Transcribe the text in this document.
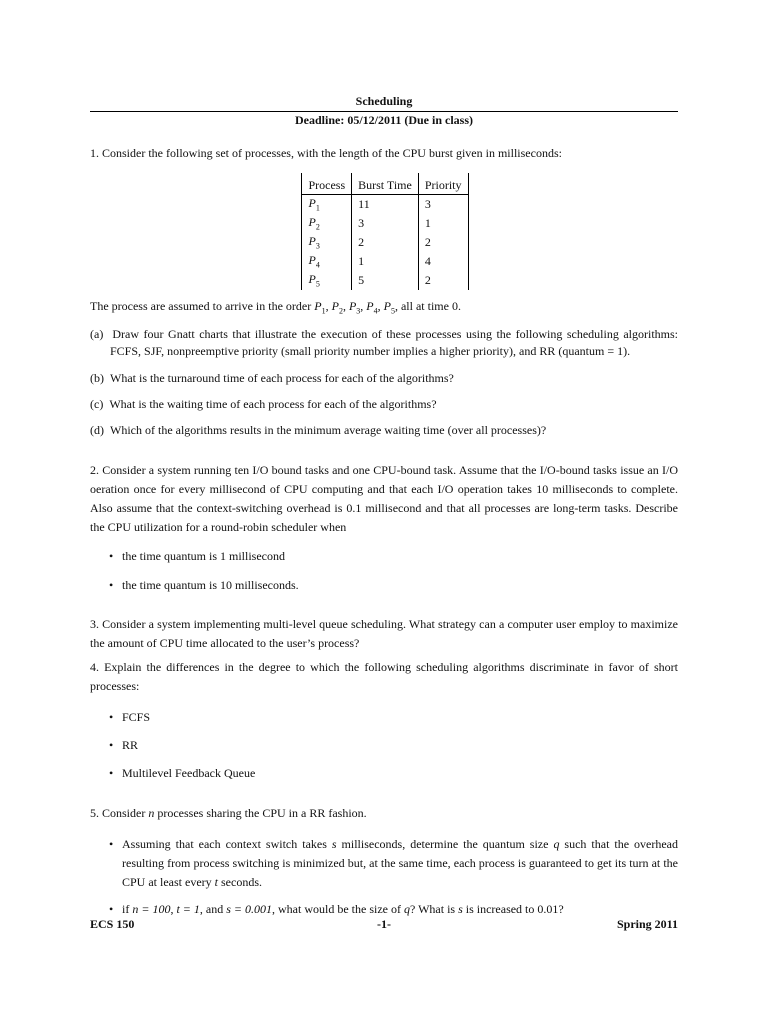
Scheduling
Deadline: 05/12/2011 (Due in class)

1. Consider the following set of processes, with the length of the CPU burst given in milliseconds:

Process	Burst Time	Priority
$P_1$	11	3
$P_2$	3	1
$P_3$	2	2
$P_4$	1	4
$P_5$	5	2

The process are assumed to arrive in the order $P_1$, $P_2$, $P_3$, $P_4$, $P_5$, all at time 0.

(a) Draw four Gnatt charts that illustrate the execution of these processes using the following scheduling algorithms: FCFS, SJF, nonpreemptive priority (small priority number implies a higher priority), and RR (quantum = 1).

(b) What is the turnaround time of each process for each of the algorithms?

(c) What is the waiting time of each process for each of the algorithms?

(d) Which of the algorithms results in the minimum average waiting time (over all processes)?

2. Consider a system running ten I/O bound tasks and one CPU-bound task. Assume that the I/O-bound tasks issue an I/O oeration once for every millisecond of CPU computing and that each I/O operation takes 10 milliseconds to complete. Also assume that the context-switching overhead is 0.1 millisecond and that all processes are long-term tasks. Describe the CPU utilization for a round-robin scheduler when

• the time quantum is 1 millisecond
• the time quantum is 10 milliseconds.

3. Consider a system implementing multi-level queue scheduling. What strategy can a computer user employ to maximize the amount of CPU time allocated to the user’s process?

4. Explain the differences in the degree to which the following scheduling algorithms discriminate in favor of short processes:

• FCFS
• RR
• Multilevel Feedback Queue

5. Consider n processes sharing the CPU in a RR fashion.

• Assuming that each context switch takes s milliseconds, determine the quantum size q such that the overhead resulting from process switching is minimized but, at the same time, each process is guaranteed to get its turn at the CPU at least every t seconds.
• if n = 100, t = 1, and s = 0.001, what would be the size of q? What is s is increased to 0.01?
ECS 150	-1-	Spring 2011
